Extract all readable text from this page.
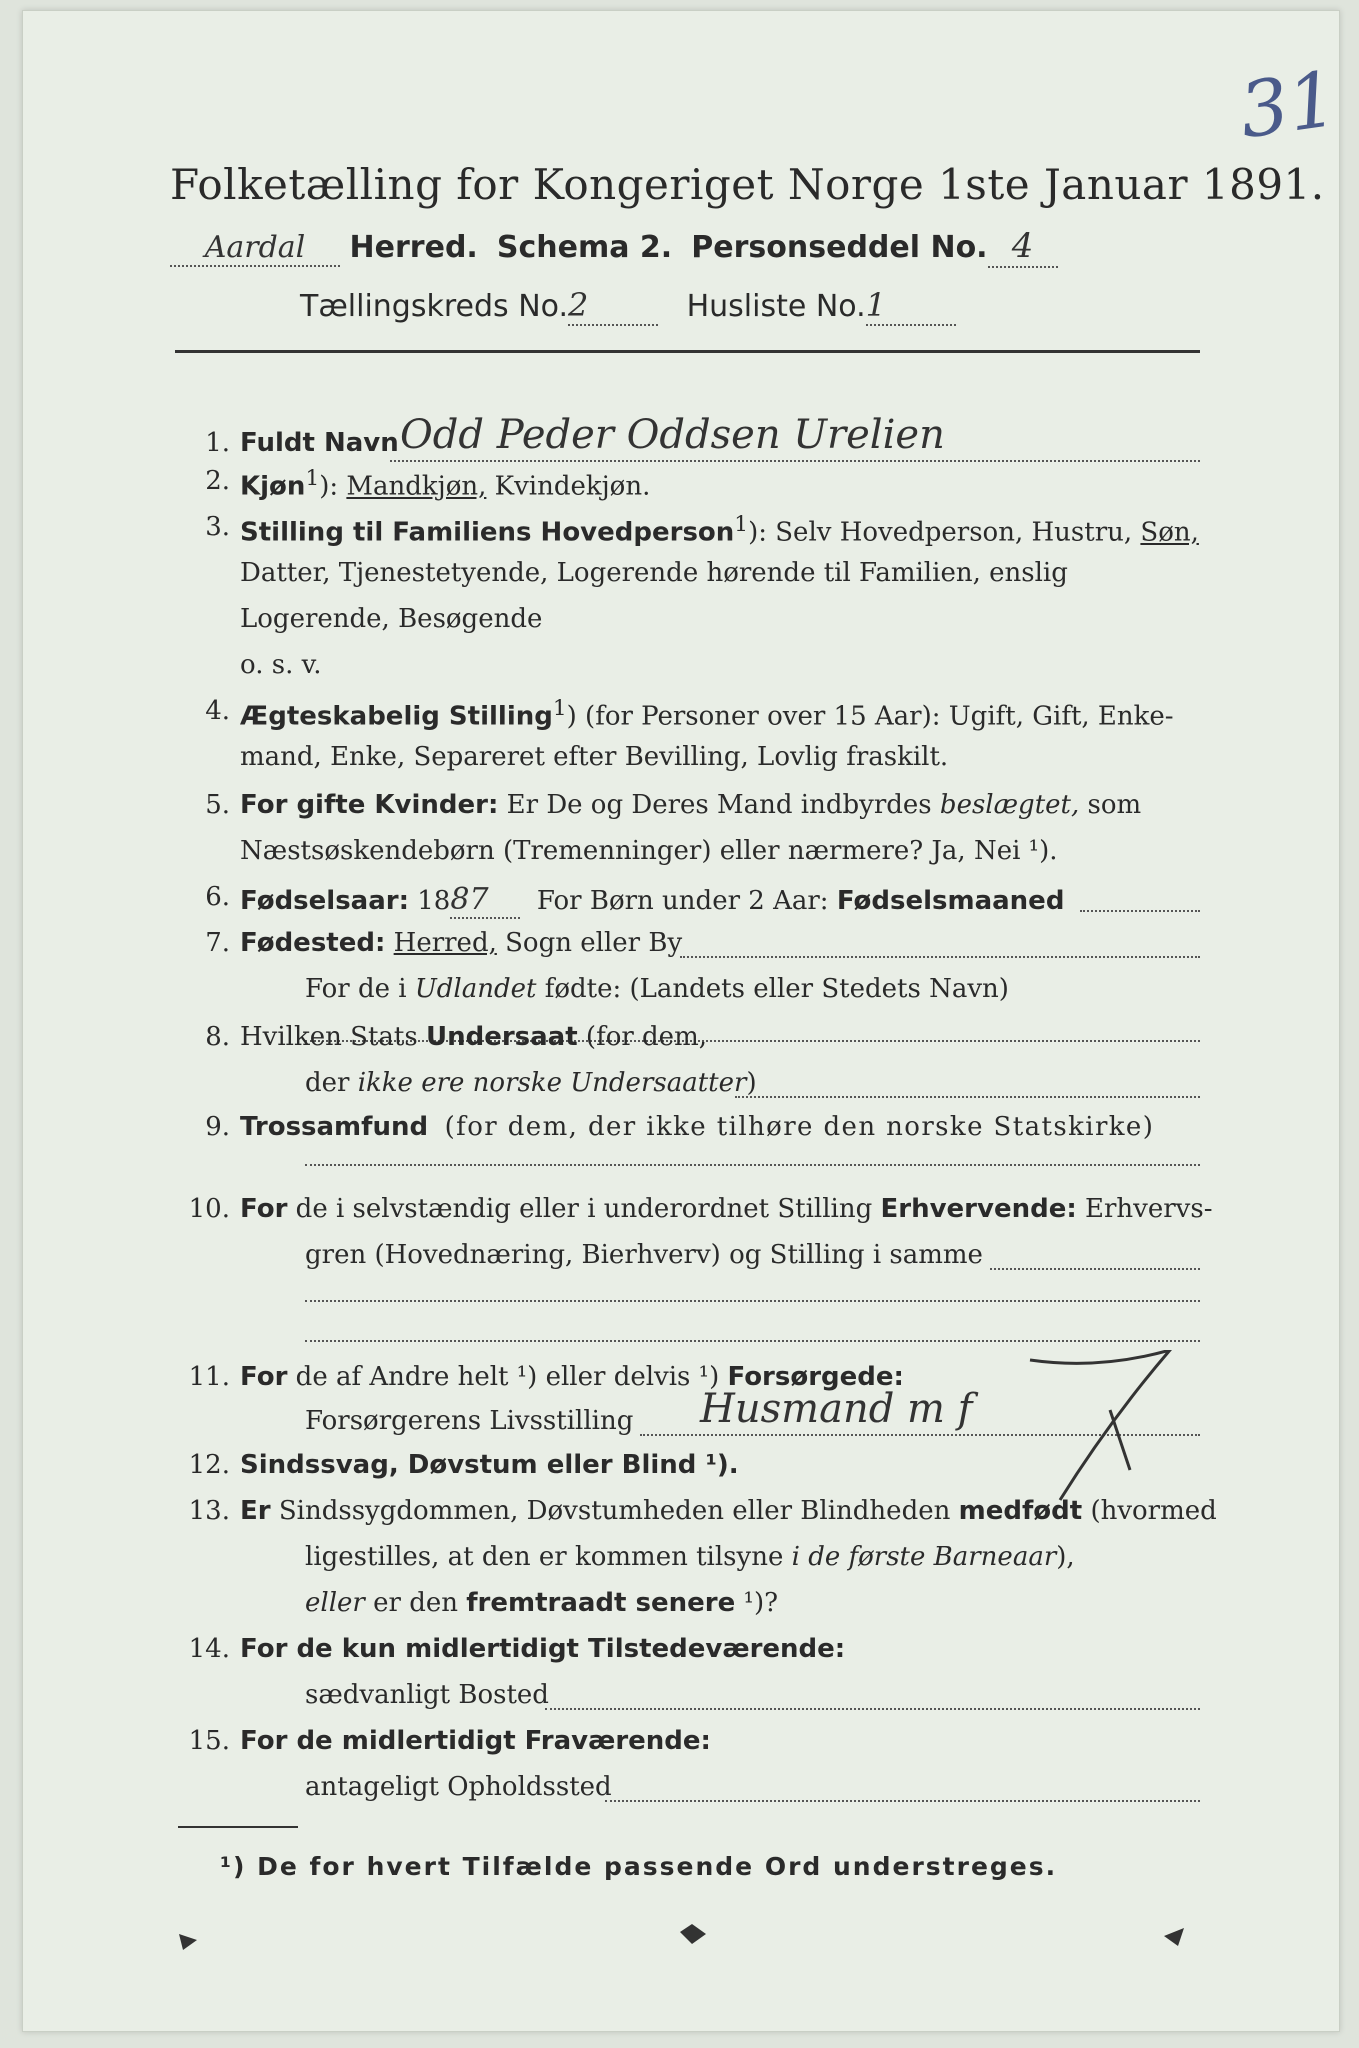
31
Folketælling for Kongeriget Norge 1ste Januar 1891.
Aardal Herred. Schema 2. Personseddel No. 4
Tællingskreds No.2	Husliste No.1
1. Fuldt Navn Odd Peder Oddsen Urelien
2. Kjøn$^1$): Mandkjøn, Kvindekjøn.
3. Stilling til Familiens Hovedperson$^1$): Selv Hovedperson, Hustru, Søn,
Datter, Tjenestetyende, Logerende hørende til Familien, enslig
Logerende, Besøgende
o. s. v.
4. Ægteskabelig Stilling$^1$) (for Personer over 15 Aar): Ugift, Gift, Enke-
mand, Enke, Separeret efter Bevilling, Lovlig fraskilt.
5. For gifte Kvinder: Er De og Deres Mand indbyrdes beslægtet, som
Næstsøskendebørn (Tremenninger) eller nærmere? Ja, Nei ¹).
6. Fødselsaar: 1887 For Børn under 2 Aar: Fødselsmaaned
7. Fødested: Herred, Sogn eller By
For de i Udlandet fødte: (Landets eller Stedets Navn)
8. Hvilken Stats Undersaat (for dem,
der ikke ere norske Undersaatter)
9. Trossamfund (for dem, der ikke tilhøre den norske Statskirke)
10. For de i selvstændig eller i underordnet Stilling Erhvervende: Erhvervs-
gren (Hovednæring, Bierhverv) og Stilling i samme
11. For de af Andre helt ¹) eller delvis ¹) Forsørgede:
Forsørgerens Livsstilling Husmand m f
12. Sindssvag, Døvstum eller Blind ¹).
13. Er Sindssygdommen, Døvstumheden eller Blindheden medfødt (hvormed
ligestilles, at den er kommen tilsyne i de første Barneaar),
eller er den fremtraadt senere ¹)?
14. For de kun midlertidigt Tilstedeværende:
sædvanligt Bosted
15. For de midlertidigt Fraværende:
antageligt Opholdssted
¹) De for hvert Tilfælde passende Ord understreges.
